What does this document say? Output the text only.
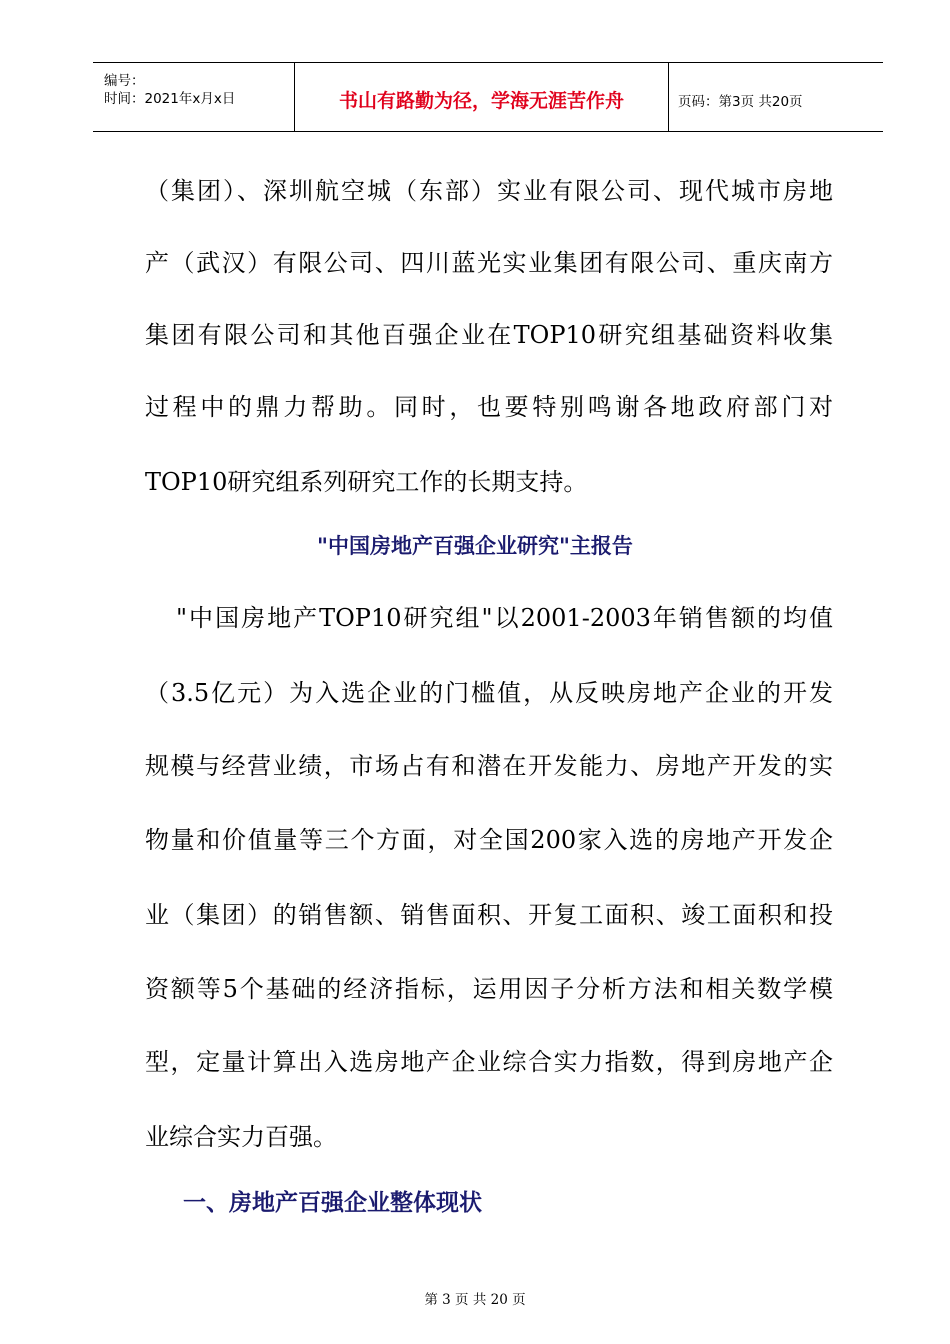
编号：
时间：2021年x月x日	书山有路勤为径，学海无涯苦作舟	页码：第3页 共20页
（集团）、深圳航空城（东部）实业有限公司、现代城市房地
产（武汉）有限公司、四川蓝光实业集团有限公司、重庆南方
集团有限公司和其他百强企业在TOP10研究组基础资料收集
过程中的鼎力帮助。同时，也要特别鸣谢各地政府部门对
TOP10研究组系列研究工作的长期支持。
"中国房地产百强企业研究"主报告
"中国房地产TOP10研究组"以2001-2003年销售额的均值
（3.5亿元）为入选企业的门槛值，从反映房地产企业的开发
规模与经营业绩，市场占有和潜在开发能力、房地产开发的实
物量和价值量等三个方面，对全国200家入选的房地产开发企
业（集团）的销售额、销售面积、开复工面积、竣工面积和投
资额等5个基础的经济指标，运用因子分析方法和相关数学模
型，定量计算出入选房地产企业综合实力指数，得到房地产企
业综合实力百强。
一、房地产百强企业整体现状
第 3 页 共 20 页
